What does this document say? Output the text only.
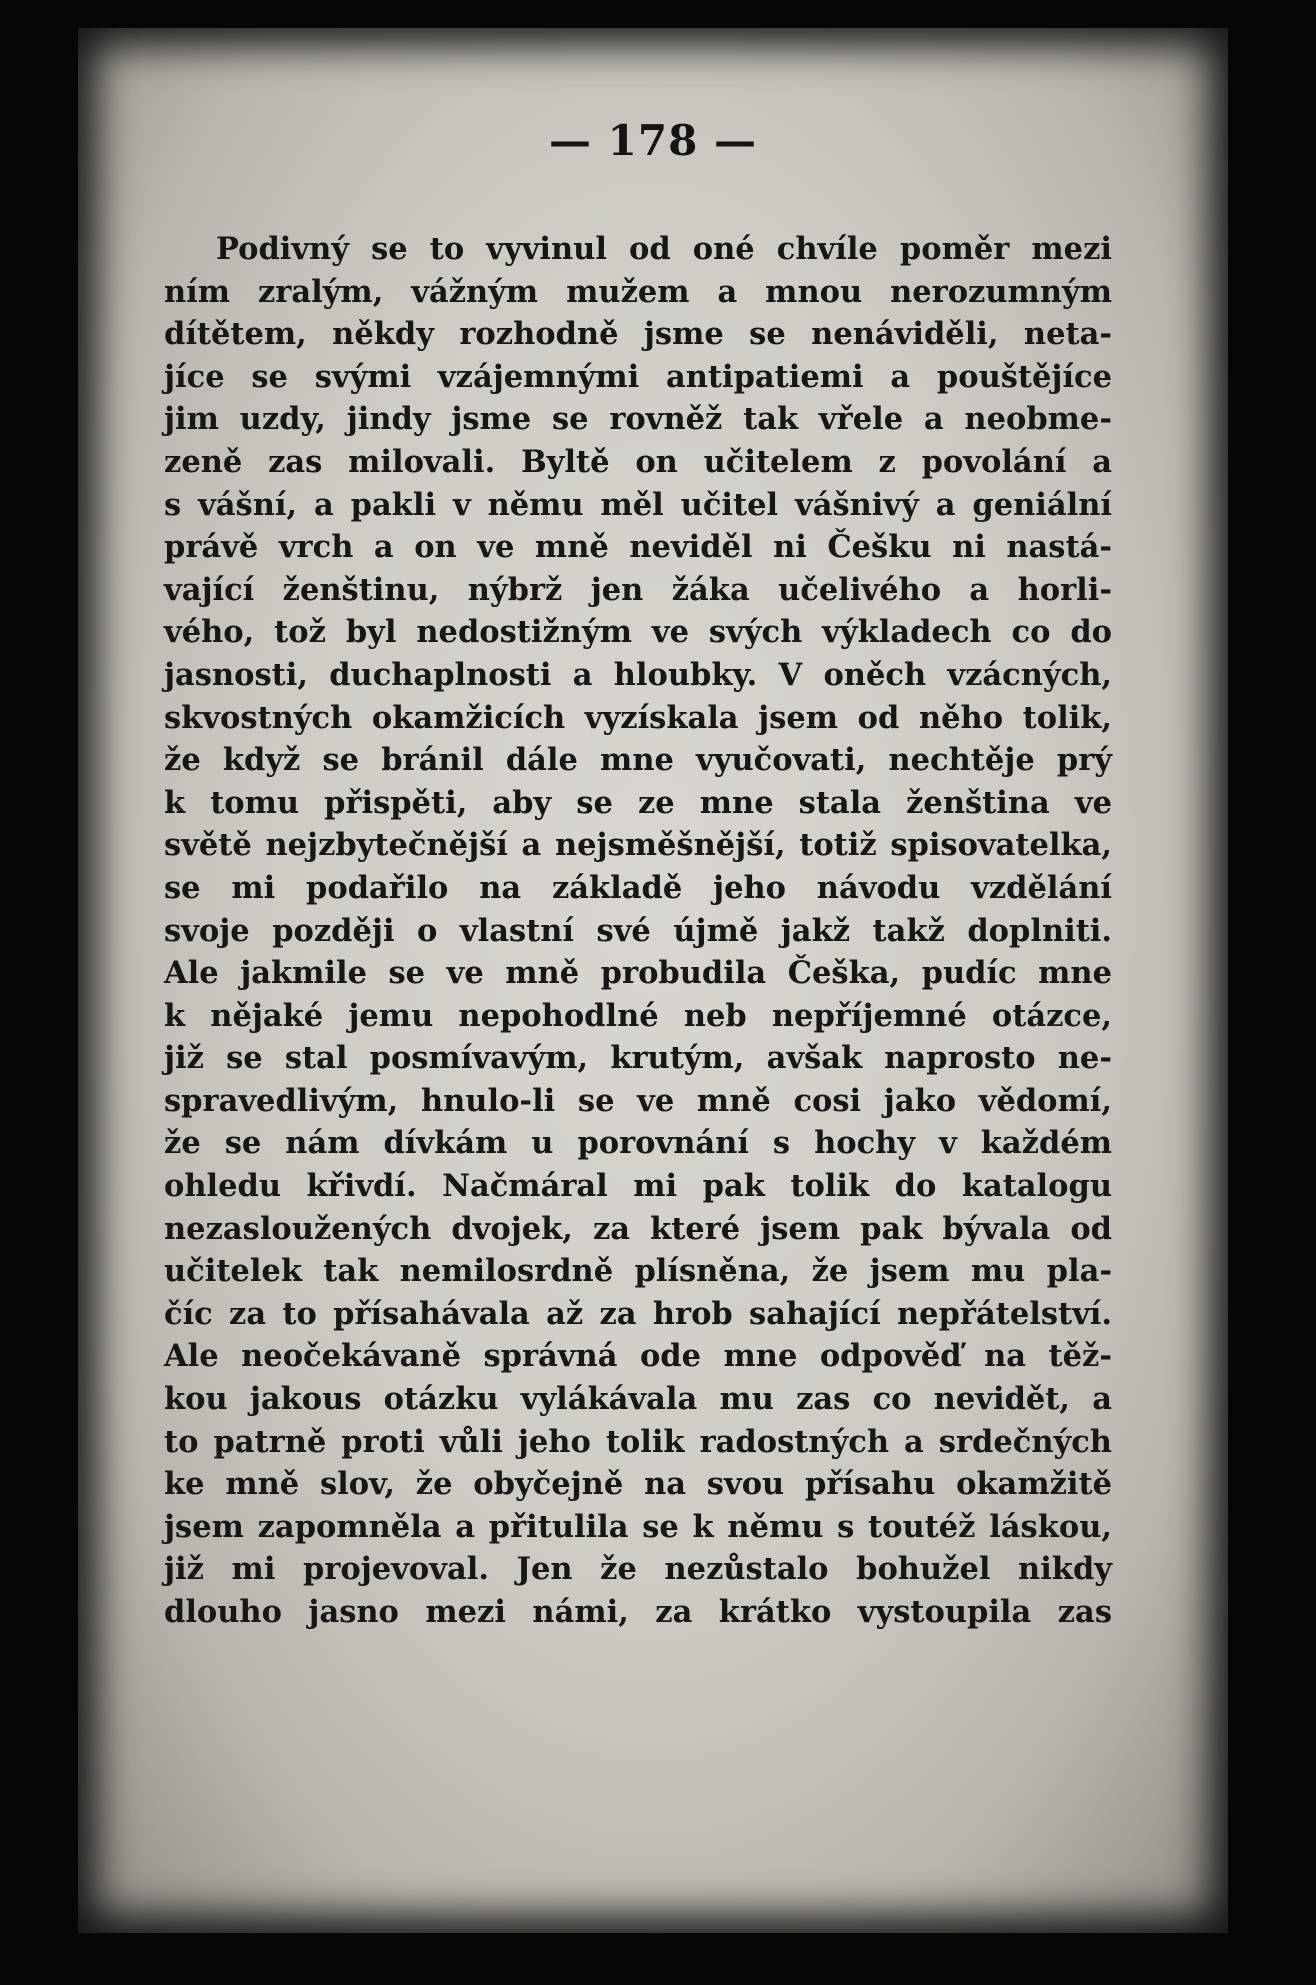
— 178 —
Podivný se to vyvinul od oné chvíle poměr mezi
ním zralým, vážným mužem a mnou nerozumným
dítětem, někdy rozhodně jsme se nenáviděli, neta-
jíce se svými vzájemnými antipatiemi a pouštějíce
jim uzdy, jindy jsme se rovněž tak vřele a neobme-
zeně zas milovali. Byltě on učitelem z povolání a
s vášní, a pakli v němu měl učitel vášnivý a geniální
právě vrch a on ve mně neviděl ni Češku ni nastá-
vající ženštinu, nýbrž jen žáka učelivého a horli-
vého, tož byl nedostižným ve svých výkladech co do
jasnosti, duchaplnosti a hloubky. V oněch vzácných,
skvostných okamžicích vyzískala jsem od něho tolik,
že když se bránil dále mne vyučovati, nechtěje prý
k tomu přispěti, aby se ze mne stala ženština ve
světě nejzbytečnější a nejsměšnější, totiž spisovatelka,
se mi podařilo na základě jeho návodu vzdělání
svoje později o vlastní své újmě jakž takž doplniti.
Ale jakmile se ve mně probudila Češka, pudíc mne
k nějaké jemu nepohodlné neb nepříjemné otázce,
již se stal posmívavým, krutým, avšak naprosto ne-
spravedlivým, hnulo-li se ve mně cosi jako vědomí,
že se nám dívkám u porovnání s hochy v každém
ohledu křivdí. Načmáral mi pak tolik do katalogu
nezasloužených dvojek, za které jsem pak bývala od
učitelek tak nemilosrdně plísněna, že jsem mu pla-
číc za to přísahávala až za hrob sahající nepřátelství.
Ale neočekávaně správná ode mne odpověď na těž-
kou jakous otázku vylákávala mu zas co nevidět, a
to patrně proti vůli jeho tolik radostných a srdečných
ke mně slov, že obyčejně na svou přísahu okamžitě
jsem zapomněla a přitulila se k němu s toutéž láskou,
již mi projevoval. Jen že nezůstalo bohužel nikdy
dlouho jasno mezi námi, za krátko vystoupila zas
